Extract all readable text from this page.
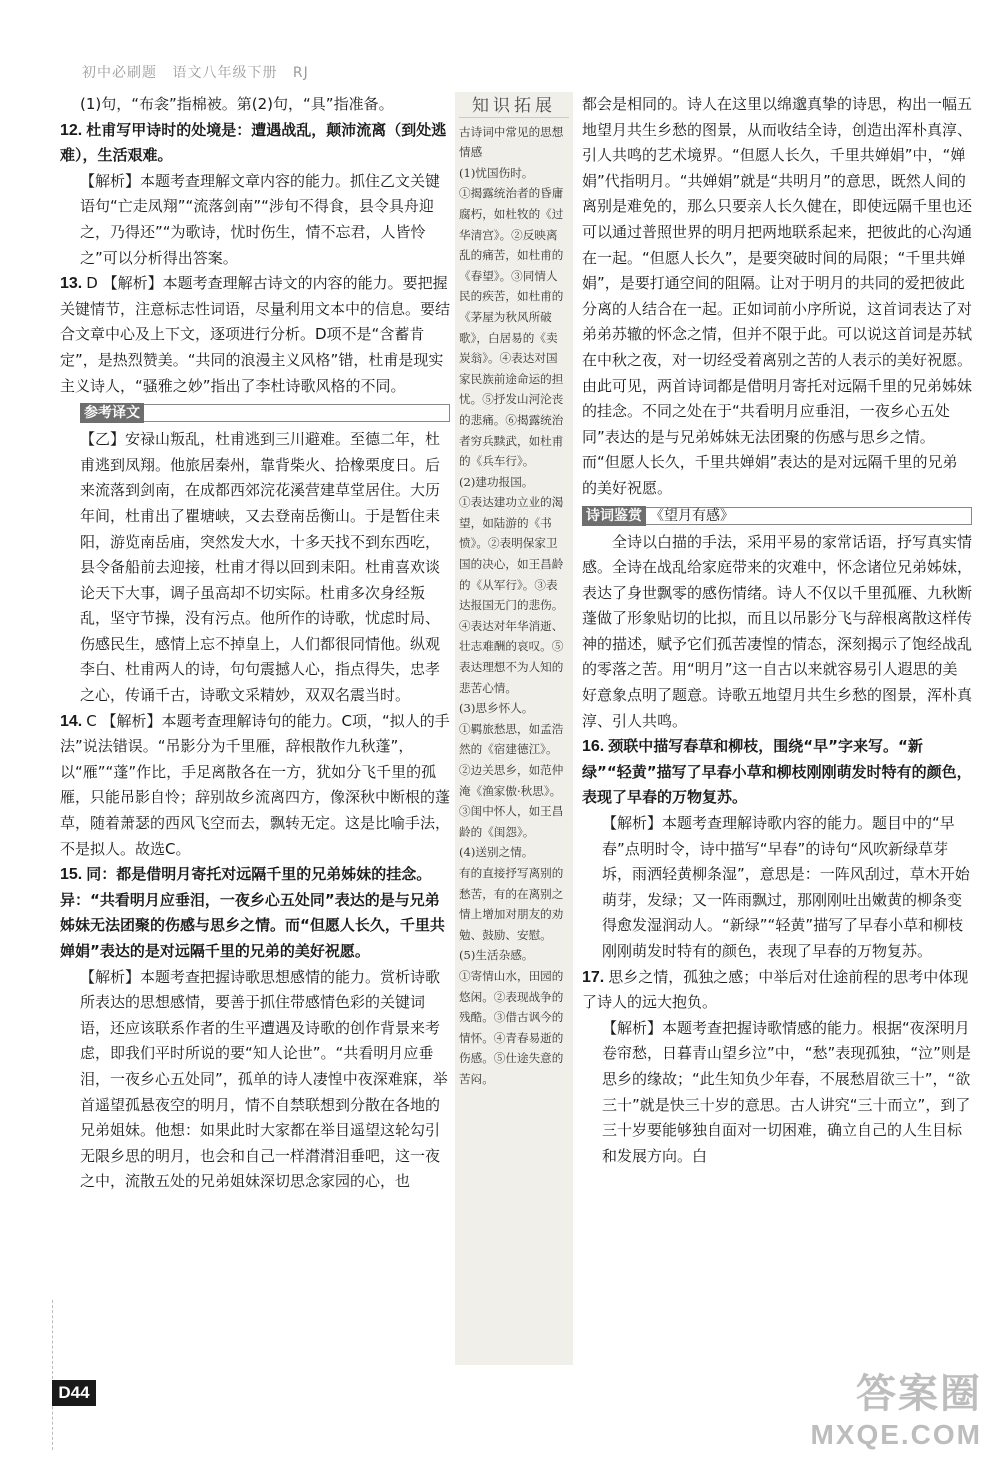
初中必刷题 语文八年级下册 RJ

(1)句，“布衾”指棉被。第(2)句，“具”指准备。

12. 杜甫写甲诗时的处境是：遭遇战乱，颠沛流离（到处逃难），生活艰难。

【解析】本题考查理解文章内容的能力。抓住乙文关键语句“亡走凤翔”“流落剑南”“涉旬不得食，县令具舟迎之，乃得还”“为歌诗，忧时伤生，情不忘君，人皆怜之”可以分析得出答案。

13. D 【解析】本题考查理解古诗文的内容的能力。要把握关键情节，注意标志性词语，尽量利用文本中的信息。要结合文章中心及上下文，逐项进行分析。D项不是“含蓄肯定”，是热烈赞美。“共同的浪漫主义风格”错，杜甫是现实主义诗人，“骚雅之妙”指出了李杜诗歌风格的不同。

参考译文

【乙】安禄山叛乱，杜甫逃到三川避难。至德二年，杜甫逃到凤翔。他旅居秦州，靠背柴火、拾橡栗度日。后来流落到剑南，在成都西郊浣花溪营建草堂居住。大历年间，杜甫出了瞿塘峡，又去登南岳衡山。于是暂住耒阳，游览南岳庙，突然发大水，十多天找不到东西吃，县令备船前去迎接，杜甫才得以回到耒阳。杜甫喜欢谈论天下大事，调子虽高却不切实际。杜甫多次身经叛乱，坚守节操，没有污点。他所作的诗歌，忧虑时局、伤感民生，感情上忘不掉皇上，人们都很同情他。纵观李白、杜甫两人的诗，句句震撼人心，指点得失，忠孝之心，传诵千古，诗歌文采精妙，双双名震当时。

14. C 【解析】本题考查理解诗句的能力。C项，“拟人的手法”说法错误。“吊影分为千里雁，辞根散作九秋蓬”，以“雁”“蓬”作比，手足离散各在一方，犹如分飞千里的孤雁，只能吊影自怜；辞别故乡流离四方，像深秋中断根的蓬草，随着萧瑟的西风飞空而去，飘转无定。这是比喻手法，不是拟人。故选C。

15. 同：都是借明月寄托对远隔千里的兄弟姊妹的挂念。异：“共看明月应垂泪，一夜乡心五处同”表达的是与兄弟姊妹无法团聚的伤感与思乡之情。而“但愿人长久，千里共婵娟”表达的是对远隔千里的兄弟的美好祝愿。

【解析】本题考查把握诗歌思想感情的能力。赏析诗歌所表达的思想感情，要善于抓住带感情色彩的关键词语，还应该联系作者的生平遭遇及诗歌的创作背景来考虑，即我们平时所说的要“知人论世”。“共看明月应垂泪，一夜乡心五处同”，孤单的诗人凄惶中夜深难寐，举首遥望孤悬夜空的明月，情不自禁联想到分散在各地的兄弟姐妹。他想：如果此时大家都在举目遥望这轮勾引无限乡思的明月，也会和自己一样潸潸泪垂吧，这一夜之中，流散五处的兄弟姐妹深切思念家园的心，也

知识拓展

古诗词中常见的思想情感
(1)忧国伤时。
①揭露统治者的昏庸腐朽，如杜牧的《过华清宫》。②反映离乱的痛苦，如杜甫的《春望》。③同情人民的疾苦，如杜甫的《茅屋为秋风所破歌》，白居易的《卖炭翁》。④表达对国家民族前途命运的担忧。⑤抒发山河沦丧的悲痛。⑥揭露统治者穷兵黩武，如杜甫的《兵车行》。
(2)建功报国。
①表达建功立业的渴望，如陆游的《书愤》。②表明保家卫国的决心，如王昌龄的《从军行》。③表达报国无门的悲伤。④表达对年华消逝、壮志难酬的哀叹。⑤表达理想不为人知的悲苦心情。
(3)思乡怀人。
①羁旅愁思，如孟浩然的《宿建德江》。②边关思乡，如范仲淹《渔家傲·秋思》。③闺中怀人，如王昌龄的《闺怨》。
(4)送别之情。
有的直接抒写离别的愁苦，有的在离别之情上增加对朋友的劝勉、鼓励、安慰。
(5)生活杂感。
①寄情山水，田园的悠闲。②表现战争的残酷。③借古讽今的情怀。④青春易逝的伤感。⑤仕途失意的苦闷。

都会是相同的。诗人在这里以绵邈真挚的诗思，构出一幅五地望月共生乡愁的图景，从而收结全诗，创造出浑朴真淳、引人共鸣的艺术境界。“但愿人长久，千里共婵娟”中，“婵娟”代指明月。“共婵娟”就是“共明月”的意思，既然人间的离别是难免的，那么只要亲人长久健在，即使远隔千里也还可以通过普照世界的明月把两地联系起来，把彼此的心沟通在一起。“但愿人长久”，是要突破时间的局限；“千里共婵娟”，是要打通空间的阻隔。让对于明月的共同的爱把彼此分离的人结合在一起。正如词前小序所说，这首词表达了对弟弟苏辙的怀念之情，但并不限于此。可以说这首词是苏轼在中秋之夜，对一切经受着离别之苦的人表示的美好祝愿。由此可见，两首诗词都是借明月寄托对远隔千里的兄弟姊妹的挂念。不同之处在于“共看明月应垂泪，一夜乡心五处同”表达的是与兄弟姊妹无法团聚的伤感与思乡之情。而“但愿人长久，千里共婵娟”表达的是对远隔千里的兄弟的美好祝愿。

诗词鉴赏 《望月有感》

全诗以白描的手法，采用平易的家常话语，抒写真实情感。全诗在战乱给家庭带来的灾难中，怀念诸位兄弟姊妹，表达了身世飘零的感伤情绪。诗人不仅以千里孤雁、九秋断蓬做了形象贴切的比拟，而且以吊影分飞与辞根离散这样传神的描述，赋予它们孤苦凄惶的情态，深刻揭示了饱经战乱的零落之苦。用“明月”这一自古以来就容易引人遐思的美好意象点明了题意。诗歌五地望月共生乡愁的图景，浑朴真淳、引人共鸣。

16. 颈联中描写春草和柳枝，围绕“早”字来写。“新绿”“轻黄”描写了早春小草和柳枝刚刚萌发时特有的颜色，表现了早春的万物复苏。

【解析】本题考查理解诗歌内容的能力。题目中的“早春”点明时令，诗中描写“早春”的诗句“风吹新绿草芽坼，雨洒轻黄柳条湿”，意思是：一阵风刮过，草木开始萌芽，发绿；又一阵雨飘过，那刚刚吐出嫩黄的柳条变得愈发湿润动人。“新绿”“轻黄”描写了早春小草和柳枝刚刚萌发时特有的颜色，表现了早春的万物复苏。

17. 思乡之情，孤独之感；中举后对仕途前程的思考中体现了诗人的远大抱负。

【解析】本题考查把握诗歌情感的能力。根据“夜深明月卷帘愁，日暮青山望乡泣”中，“愁”表现孤独，“泣”则是思乡的缘故；“此生知负少年春，不展愁眉欲三十”，“欲三十”就是快三十岁的意思。古人讲究“三十而立”，到了三十岁要能够独自面对一切困难，确立自己的人生目标和发展方向。白

D44	答案圈
MXQE.COM
